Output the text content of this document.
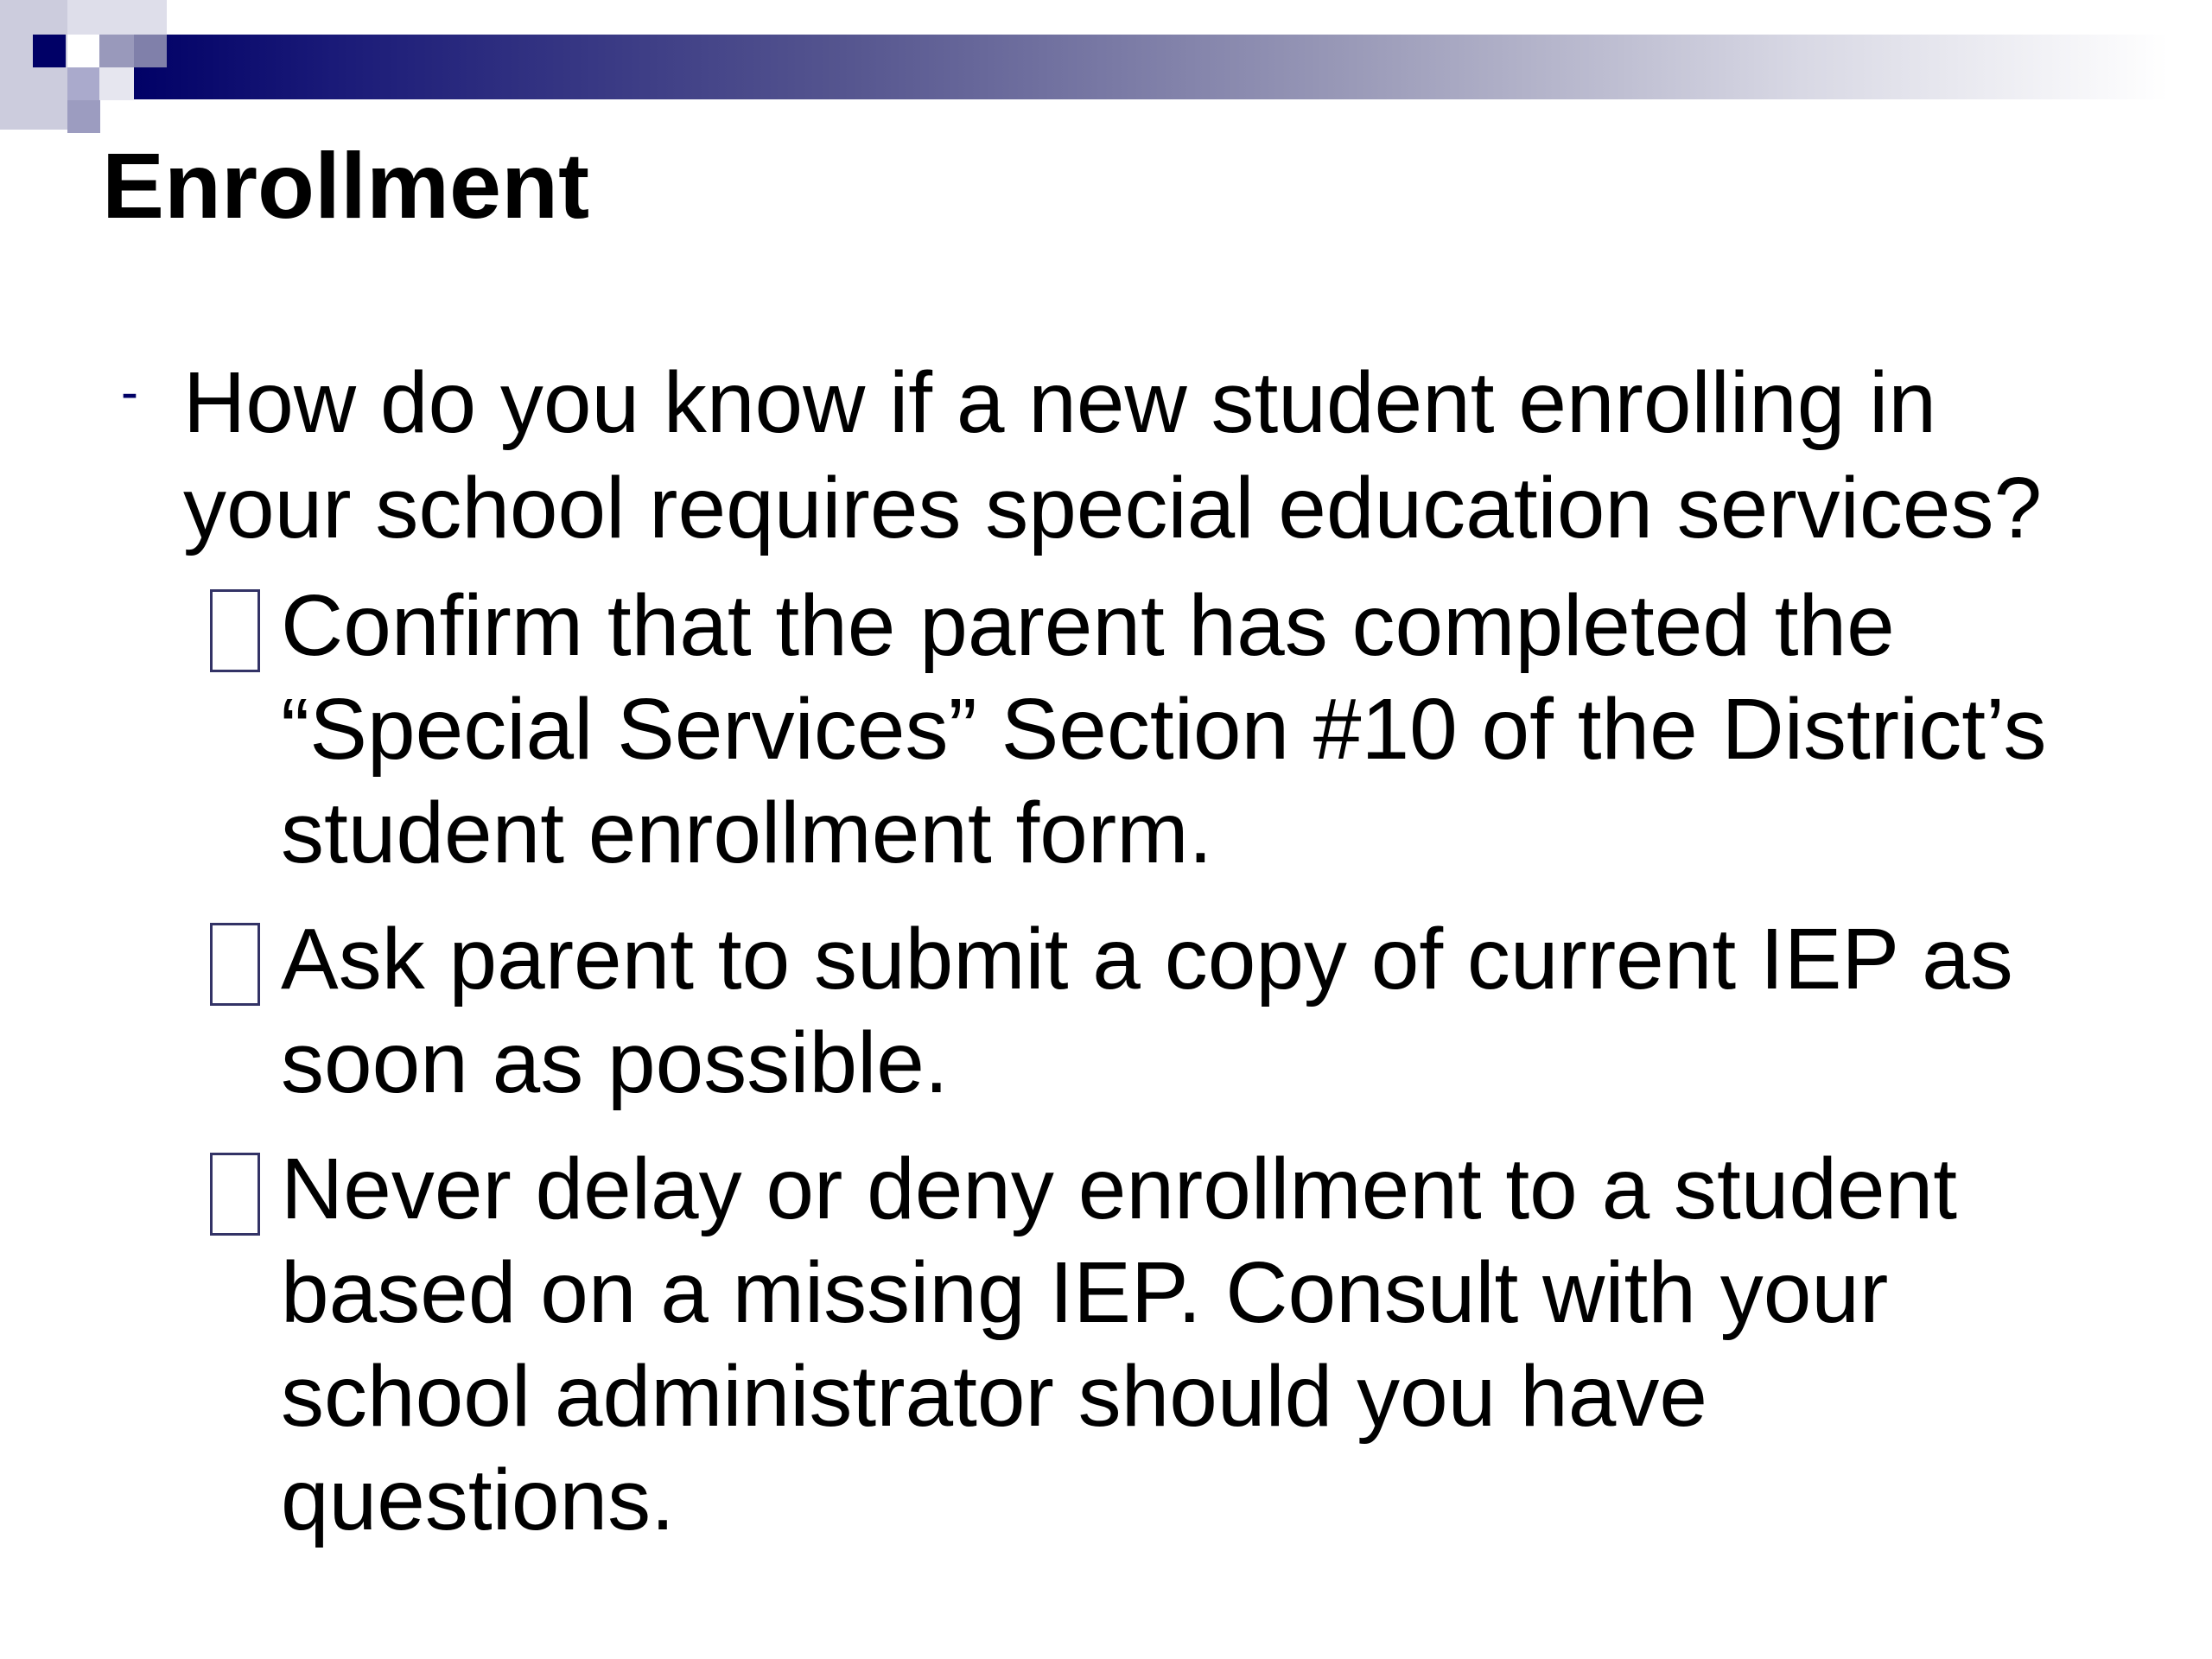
Enrollment
- How do you know if a new student enrolling in your school requires special education services?
Confirm that the parent has completed the “Special Services” Section #10 of the District’s student enrollment form.
Ask parent to submit a copy of current IEP as soon as possible.
Never delay or deny enrollment to a student based on a missing IEP. Consult with your school administrator should you have questions.
